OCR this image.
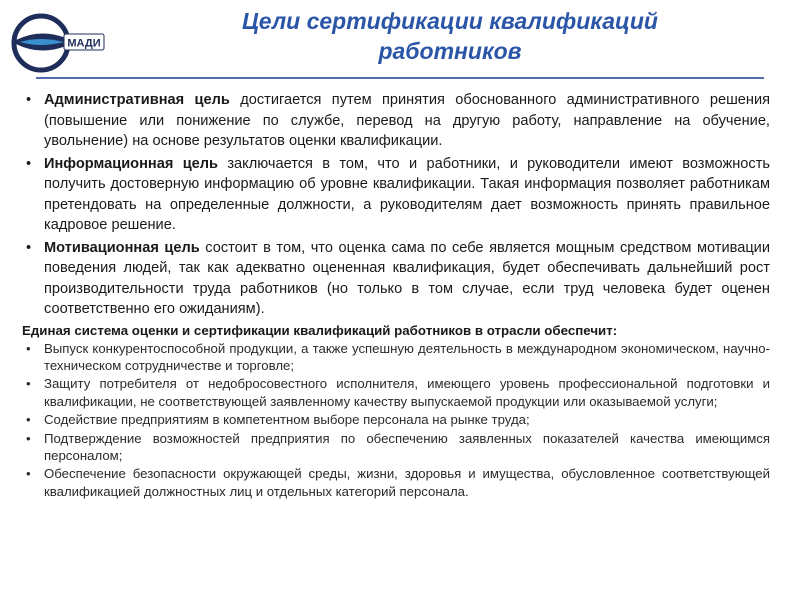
МАДИ
Цели сертификации квалификаций
работников
• Административная цель достигается путем принятия обоснованного административного решения (повышение или понижение по службе, перевод на другую работу, направление на обучение, увольнение) на основе результатов оценки квалификации.
• Информационная цель заключается в том, что и работники, и руководители имеют возможность получить достоверную информацию об уровне квалификации. Такая информация позволяет работникам претендовать на определенные должности, а руководителям дает возможность принять правильное кадровое решение.
• Мотивационная цель состоит в том, что оценка сама по себе является мощным средством мотивации поведения людей, так как адекватно оцененная квалификация, будет обеспечивать дальнейший рост производительности труда работников (но только в том случае, если труд человека будет оценен соответственно его ожиданиям).
Единая система оценки и сертификации квалификаций работников в отрасли обеспечит:
• Выпуск конкурентоспособной продукции, а также успешную деятельность в международном экономическом, научно-техническом сотрудничестве и торговле;
• Защиту потребителя от недобросовестного исполнителя, имеющего уровень профессиональной подготовки и квалификации, не соответствующей заявленному качеству выпускаемой продукции или оказываемой услуги;
• Содействие предприятиям в компетентном выборе персонала на рынке труда;
• Подтверждение возможностей предприятия по обеспечению заявленных показателей качества имеющимся персоналом;
• Обеспечение безопасности окружающей среды, жизни, здоровья и имущества, обусловленное соответствующей квалификацией должностных лиц и отдельных категорий персонала.
